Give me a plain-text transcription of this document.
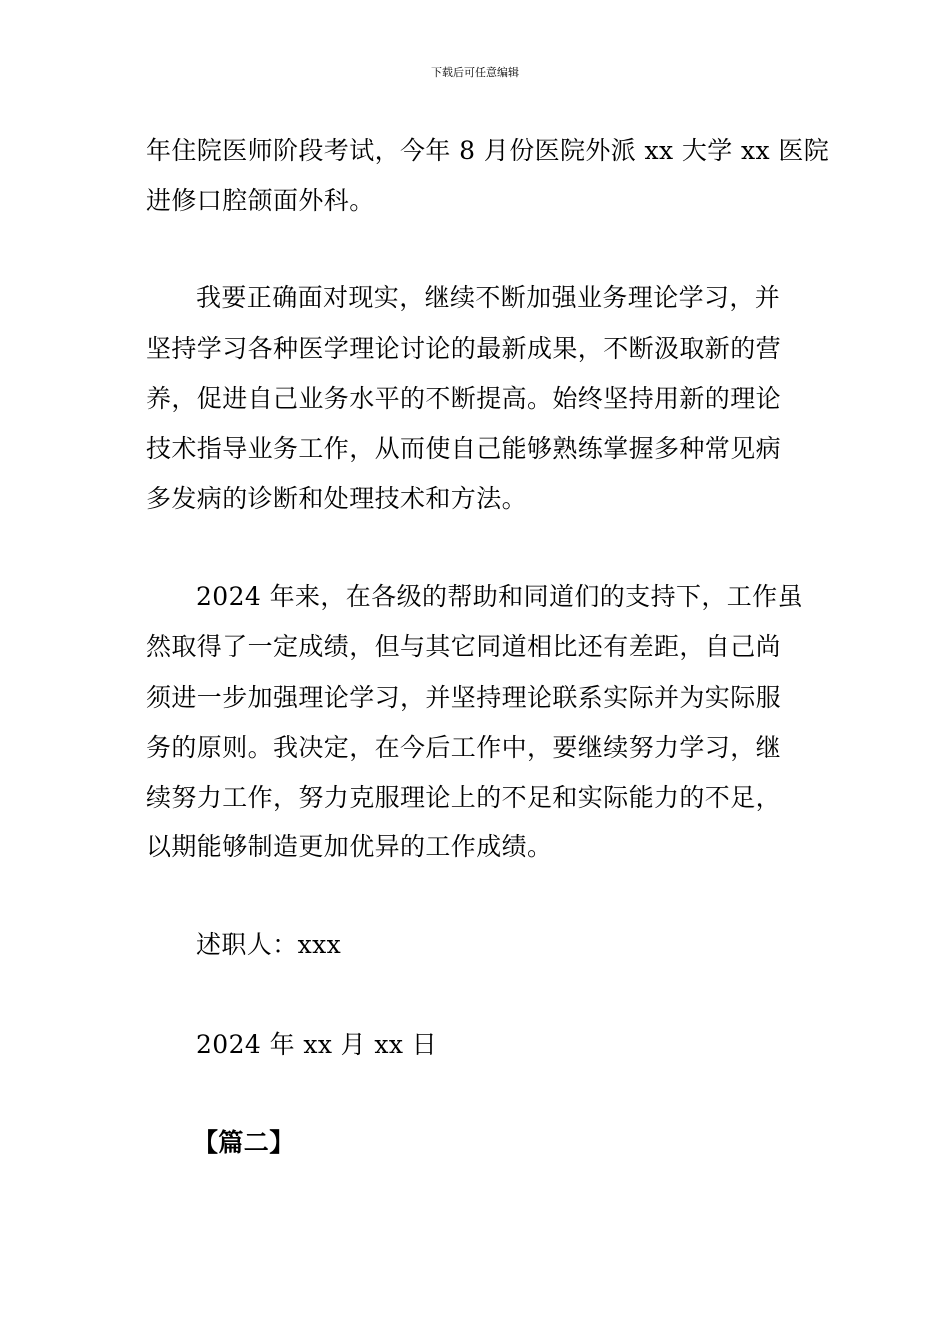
下载后可任意编辑
年住院医师阶段考试，今年 8 月份医院外派 xx 大学 xx 医院
进修口腔颌面外科。
我要正确面对现实，继续不断加强业务理论学习，并
坚持学习各种医学理论讨论的最新成果，不断汲取新的营
养，促进自己业务水平的不断提高。始终坚持用新的理论
技术指导业务工作，从而使自己能够熟练掌握多种常见病
多发病的诊断和处理技术和方法。
2024 年来，在各级的帮助和同道们的支持下，工作虽
然取得了一定成绩，但与其它同道相比还有差距，自己尚
须进一步加强理论学习，并坚持理论联系实际并为实际服
务的原则。我决定，在今后工作中，要继续努力学习，继
续努力工作，努力克服理论上的不足和实际能力的不足，
以期能够制造更加优异的工作成绩。
述职人：xxx
2024 年 xx 月 xx 日
【篇二】
